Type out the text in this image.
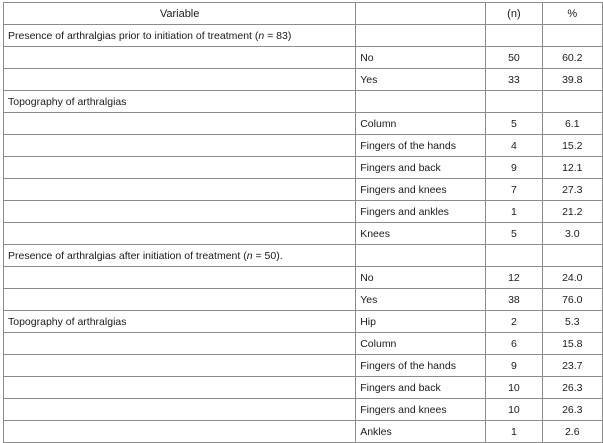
Variable		(n)	%
Presence of arthralgias prior to initiation of treatment (n = 83)			
	No	50	60.2
	Yes	33	39.8
Topography of arthralgias			
	Column	5	6.1
	Fingers of the hands	4	15.2
	Fingers and back	9	12.1
	Fingers and knees	7	27.3
	Fingers and ankles	1	21.2
	Knees	5	3.0
Presence of arthralgias after initiation of treatment (n = 50).			
	No	12	24.0
	Yes	38	76.0
Topography of arthralgias	Hip	2	5.3
	Column	6	15.8
	Fingers of the hands	9	23.7
	Fingers and back	10	26.3
	Fingers and knees	10	26.3
	Ankles	1	2.6
